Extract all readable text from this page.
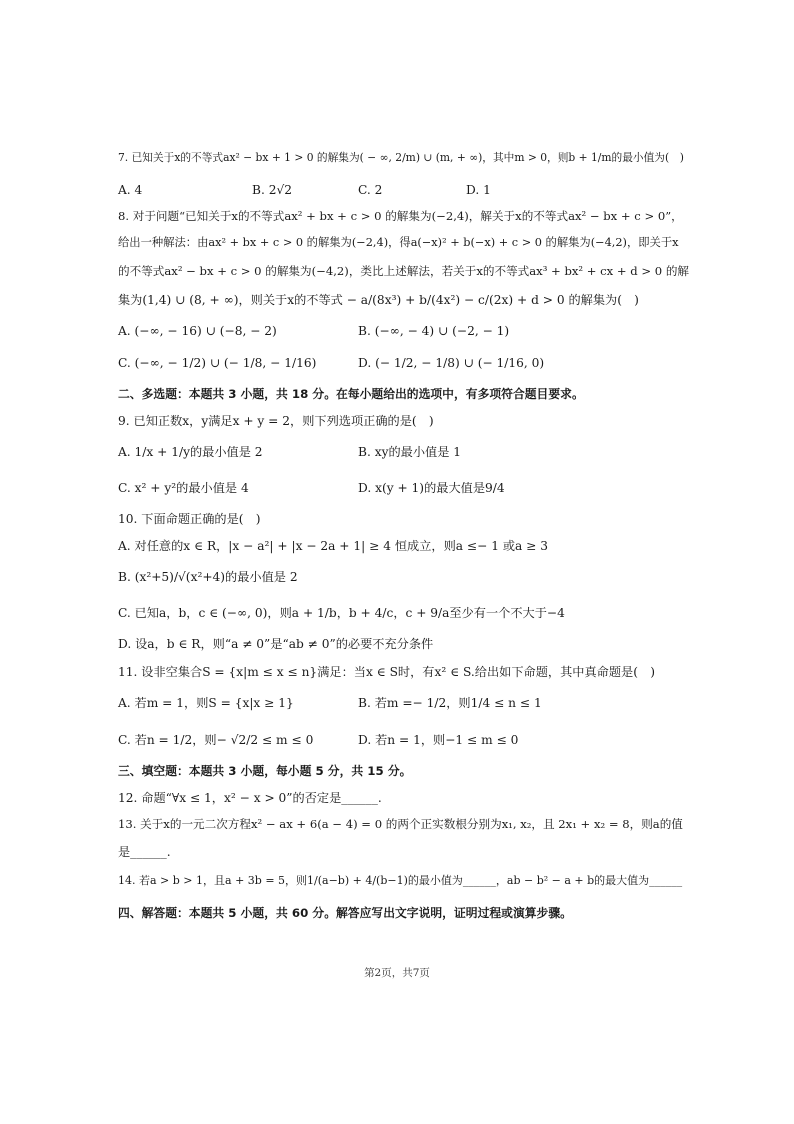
7. 已知关于x的不等式ax² − bx + 1 > 0 的解集为( − ∞, 2/m) ∪ (m, + ∞)，其中m > 0，则b + 1/m的最小值为(　)
A. 4	B. 2√2	C. 2	D. 1
8. 对于问题“已知关于x的不等式ax² + bx + c > 0 的解集为(−2,4)，解关于x的不等式ax² − bx + c > 0”，
给出一种解法：由ax² + bx + c > 0 的解集为(−2,4)，得a(−x)² + b(−x) + c > 0 的解集为(−4,2)，即关于x
的不等式ax² − bx + c > 0 的解集为(−4,2)，类比上述解法，若关于x的不等式ax³ + bx² + cx + d > 0 的解
集为(1,4) ∪ (8, + ∞)，则关于x的不等式 − a/(8x³) + b/(4x²) − c/(2x) + d > 0 的解集为(　)
A. (−∞, − 16) ∪ (−8, − 2)	B. (−∞, − 4) ∪ (−2, − 1)
C. (−∞, − 1/2) ∪ (− 1/8, − 1/16)	D. (− 1/2, − 1/8) ∪ (− 1/16, 0)
二、多选题：本题共 3 小题，共 18 分。在每小题给出的选项中，有多项符合题目要求。
9. 已知正数x，y满足x + y = 2，则下列选项正确的是(　)
A. 1/x + 1/y的最小值是 2	B. xy的最小值是 1
C. x² + y²的最小值是 4	D. x(y + 1)的最大值是9/4
10. 下面命题正确的是(　)
A. 对任意的x ∈ R，|x − a²| + |x − 2a + 1| ≥ 4 恒成立，则a ≤− 1 或a ≥ 3
B. (x²+5)/√(x²+4)的最小值是 2
C. 已知a，b，c ∈ (−∞, 0)，则a + 1/b，b + 4/c，c + 9/a至少有一个不大于−4
D. 设a，b ∈ R，则“a ≠ 0”是“ab ≠ 0”的必要不充分条件
11. 设非空集合S = {x|m ≤ x ≤ n}满足：当x ∈ S时，有x² ∈ S.给出如下命题，其中真命题是(　)
A. 若m = 1，则S = {x|x ≥ 1}	B. 若m =− 1/2，则1/4 ≤ n ≤ 1
C. 若n = 1/2，则− √2/2 ≤ m ≤ 0	D. 若n = 1，则−1 ≤ m ≤ 0
三、填空题：本题共 3 小题，每小题 5 分，共 15 分。
12. 命题“∀x ≤ 1，x² − x > 0”的否定是______.
13. 关于x的一元二次方程x² − ax + 6(a − 4) = 0 的两个正实数根分别为x₁, x₂，且 2x₁ + x₂ = 8，则a的值
是______.
14. 若a > b > 1，且a + 3b = 5，则1/(a−b) + 4/(b−1)的最小值为______，ab − b² − a + b的最大值为______
四、解答题：本题共 5 小题，共 60 分。解答应写出文字说明，证明过程或演算步骤。
第2页，共7页
